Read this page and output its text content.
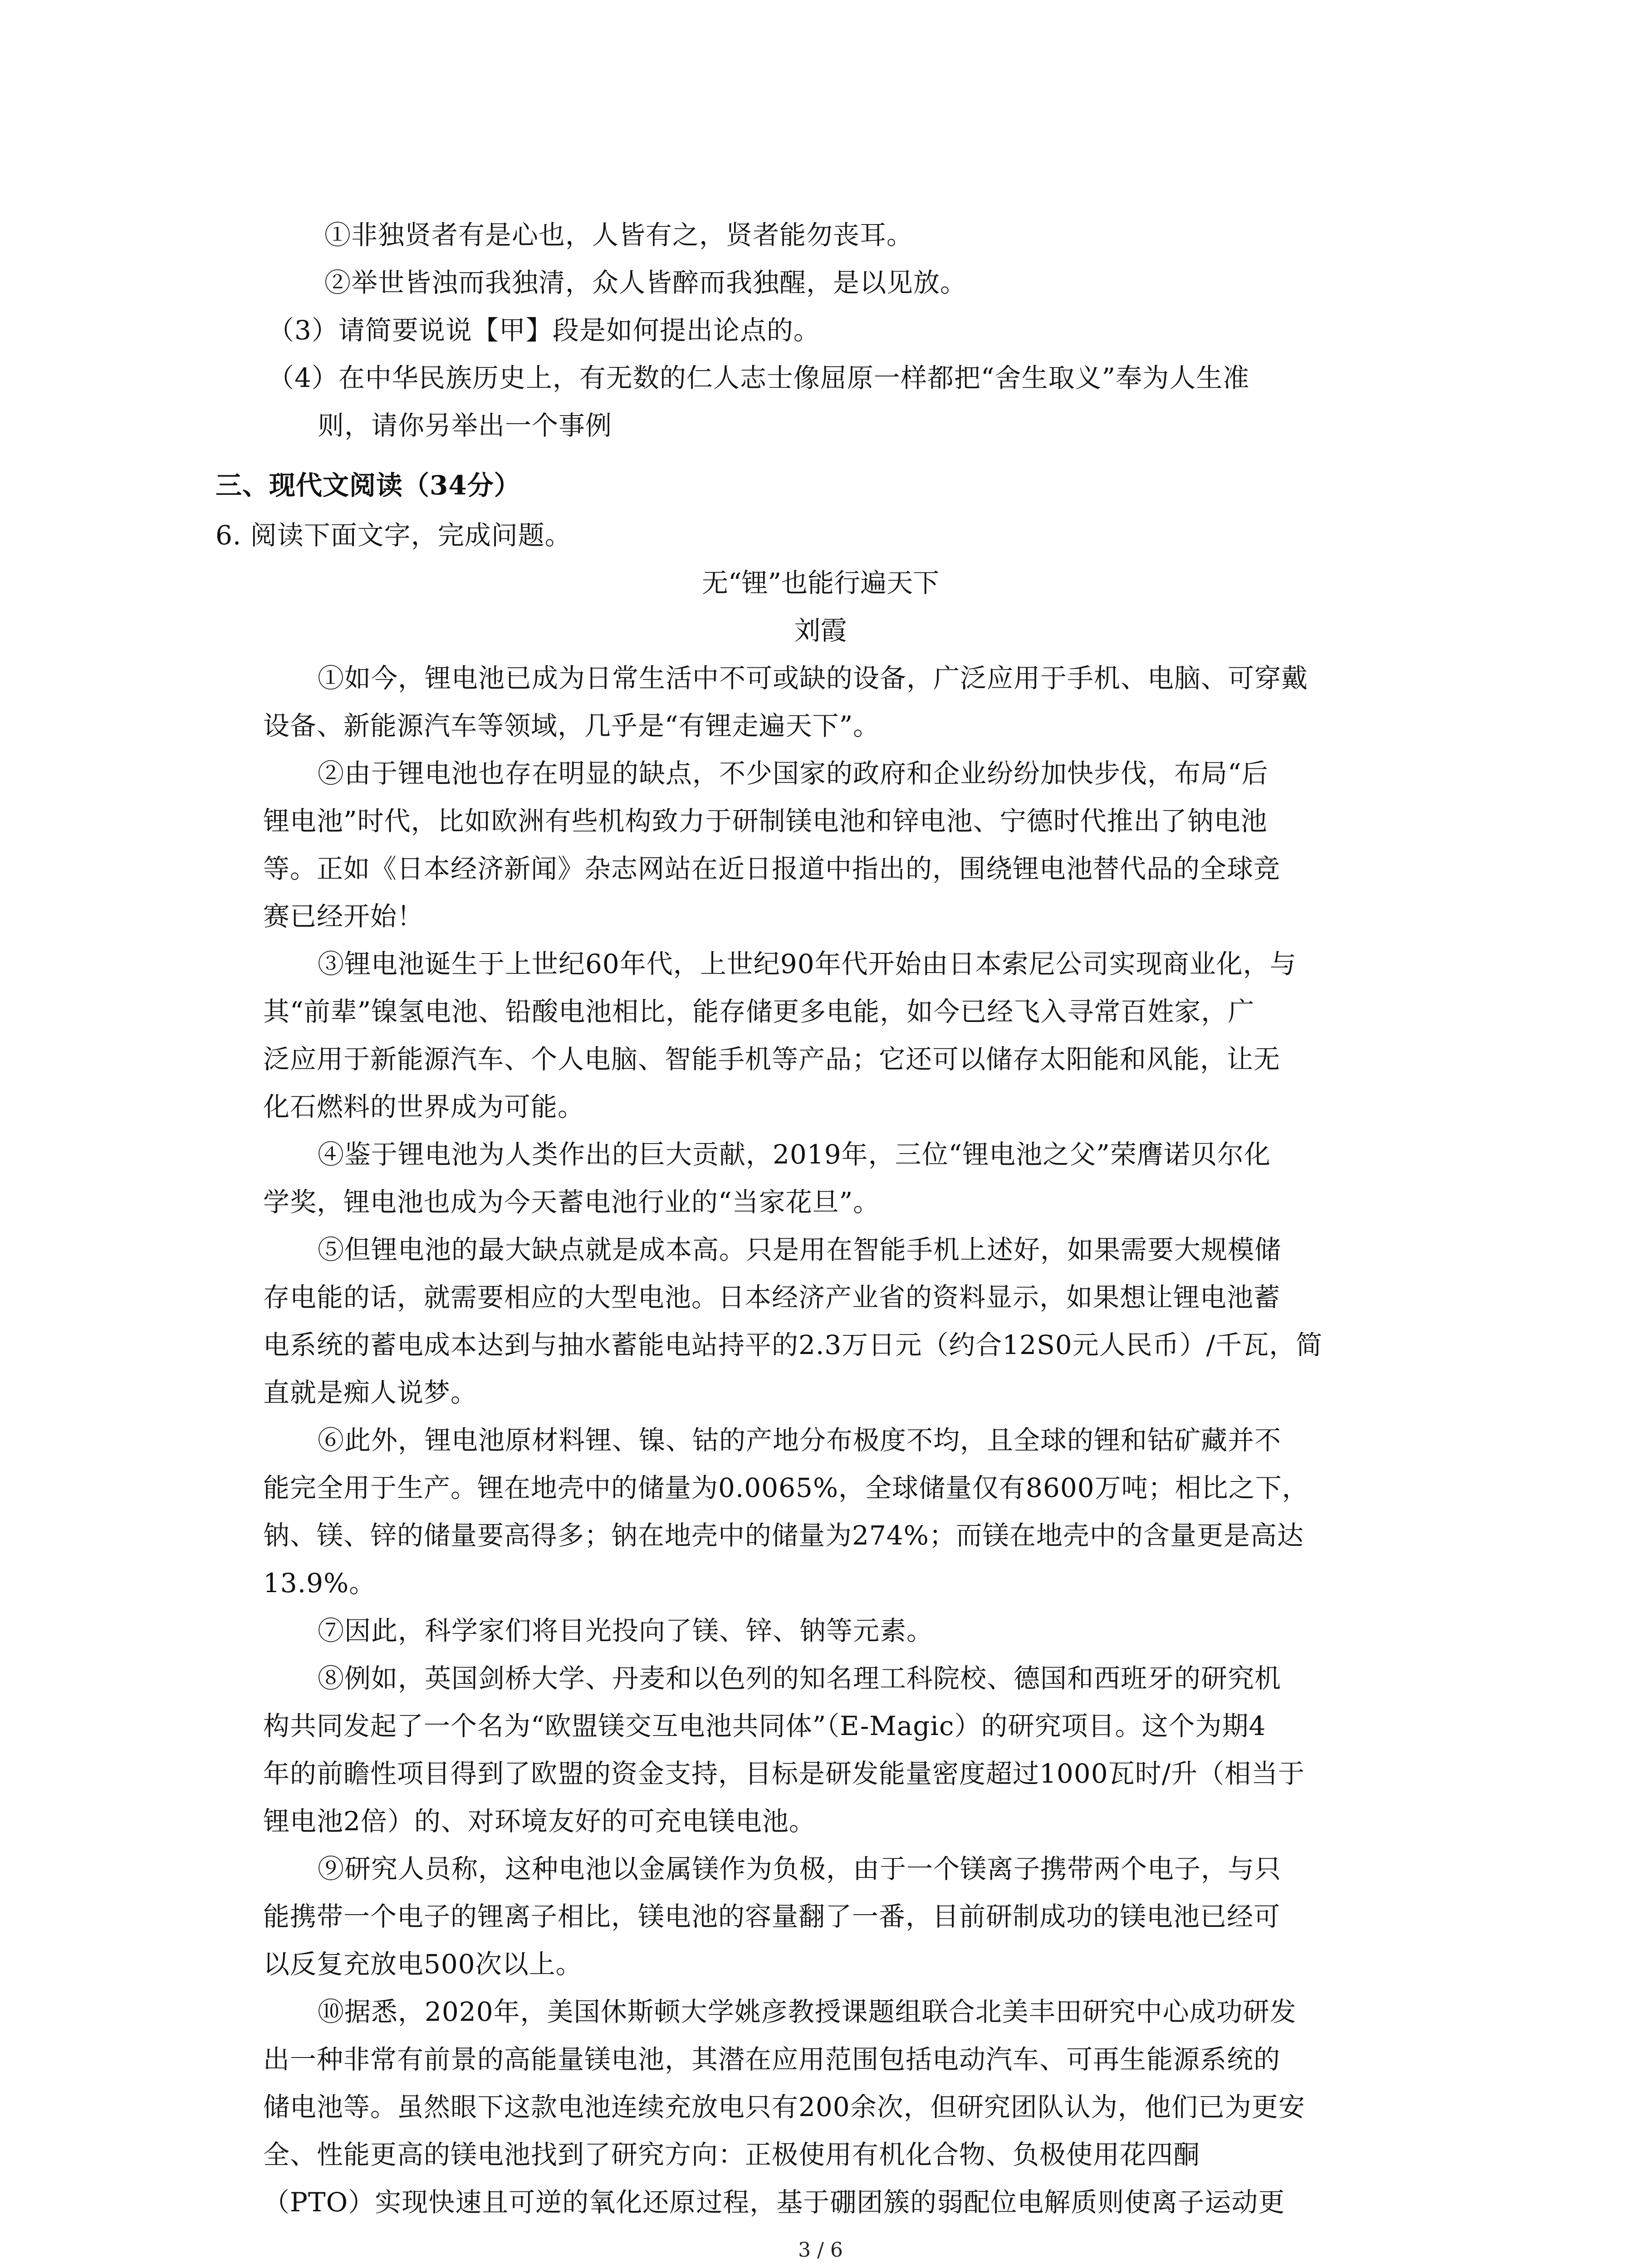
①非独贤者有是心也，人皆有之，贤者能勿丧耳。
②举世皆浊而我独清，众人皆醉而我独醒，是以见放。
（3）请简要说说【甲】段是如何提出论点的。
（4）在中华民族历史上，有无数的仁人志士像屈原一样都把“舍生取义”奉为人生准
则，请你另举出一个事例
三、现代文阅读（34分）
6. 阅读下面文字，完成问题。
无“锂”也能行遍天下
刘霞
①如今，锂电池已成为日常生活中不可或缺的设备，广泛应用于手机、电脑、可穿戴
设备、新能源汽车等领域，几乎是“有锂走遍天下”。
②由于锂电池也存在明显的缺点，不少国家的政府和企业纷纷加快步伐，布局“后
锂电池”时代，比如欧洲有些机构致力于研制镁电池和锌电池、宁德时代推出了钠电池
等。正如《日本经济新闻》杂志网站在近日报道中指出的，围绕锂电池替代品的全球竞
赛已经开始！
③锂电池诞生于上世纪60年代，上世纪90年代开始由日本索尼公司实现商业化，与
其“前辈”镍氢电池、铅酸电池相比，能存储更多电能，如今已经飞入寻常百姓家，广
泛应用于新能源汽车、个人电脑、智能手机等产品；它还可以储存太阳能和风能，让无
化石燃料的世界成为可能。
④鉴于锂电池为人类作出的巨大贡献，2019年，三位“锂电池之父”荣膺诺贝尔化
学奖，锂电池也成为今天蓄电池行业的“当家花旦”。
⑤但锂电池的最大缺点就是成本高。只是用在智能手机上述好，如果需要大规模储
存电能的话，就需要相应的大型电池。日本经济产业省的资料显示，如果想让锂电池蓄
电系统的蓄电成本达到与抽水蓄能电站持平的2.3万日元（约合12S0元人民币）/千瓦，简
直就是痴人说梦。
⑥此外，锂电池原材料锂、镍、钴的产地分布极度不均，且全球的锂和钴矿藏并不
能完全用于生产。锂在地壳中的储量为0.0065%，全球储量仅有8600万吨；相比之下，
钠、镁、锌的储量要高得多；钠在地壳中的储量为274%；而镁在地壳中的含量更是高达
13.9%。
⑦因此，科学家们将目光投向了镁、锌、钠等元素。
⑧例如，英国剑桥大学、丹麦和以色列的知名理工科院校、德国和西班牙的研究机
构共同发起了一个名为“欧盟镁交互电池共同体”（E-Magic）的研究项目。这个为期4
年的前瞻性项目得到了欧盟的资金支持，目标是研发能量密度超过1000瓦时/升（相当于
锂电池2倍）的、对环境友好的可充电镁电池。
⑨研究人员称，这种电池以金属镁作为负极，由于一个镁离子携带两个电子，与只
能携带一个电子的锂离子相比，镁电池的容量翻了一番，目前研制成功的镁电池已经可
以反复充放电500次以上。
⑩据悉，2020年，美国休斯顿大学姚彦教授课题组联合北美丰田研究中心成功研发
出一种非常有前景的高能量镁电池，其潜在应用范围包括电动汽车、可再生能源系统的
储电池等。虽然眼下这款电池连续充放电只有200余次，但研究团队认为，他们已为更安
全、性能更高的镁电池找到了研究方向：正极使用有机化合物、负极使用花四酮
（PTO）实现快速且可逆的氧化还原过程，基于硼团簇的弱配位电解质则使离子运动更
3 / 6
